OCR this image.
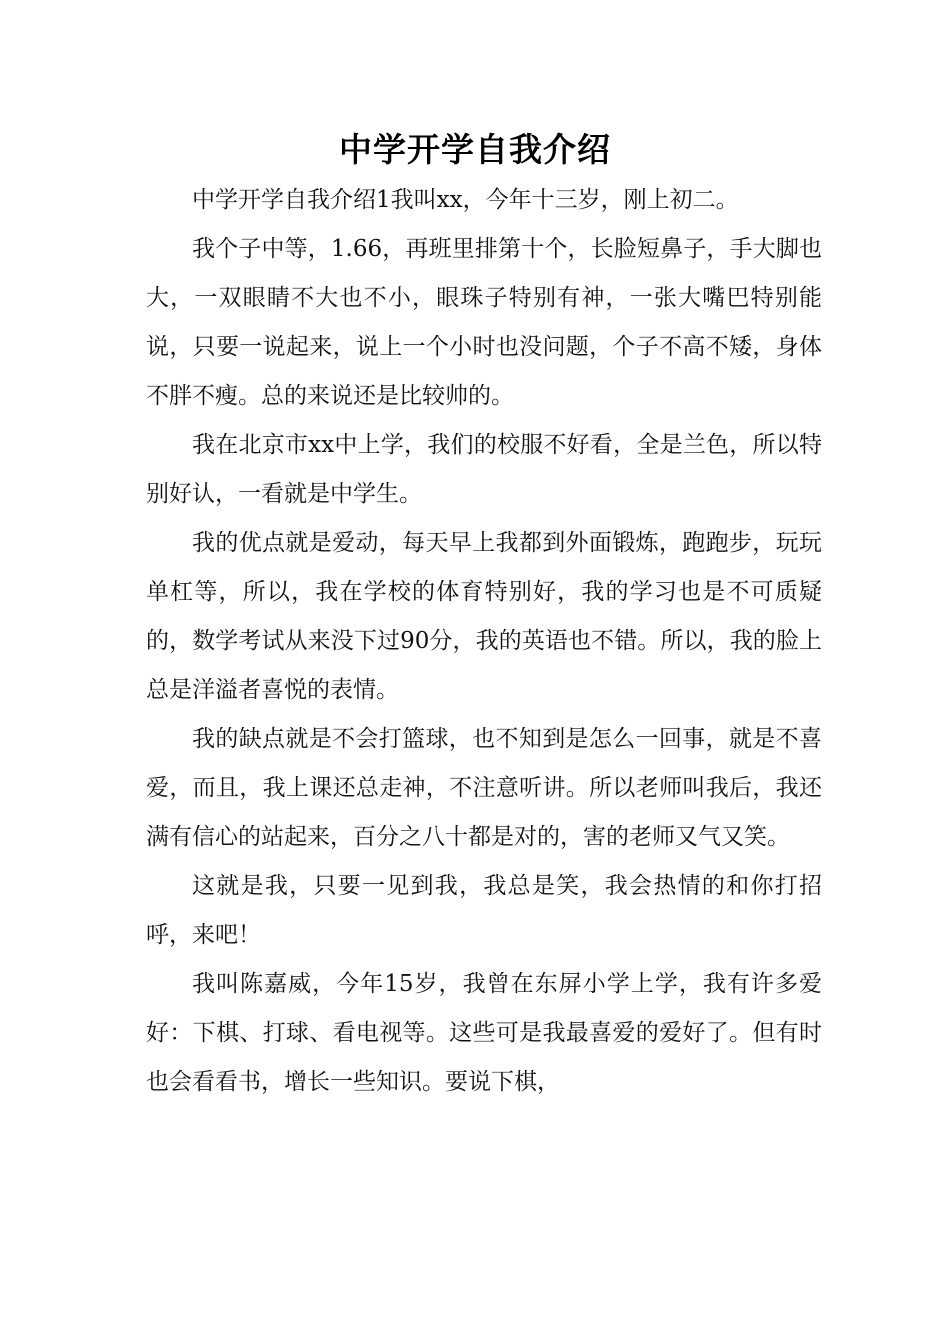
中学开学自我介绍

中学开学自我介绍1我叫xx，今年十三岁，刚上初二。

我个子中等，1.66，再班里排第十个，长脸短鼻子，手大脚也大，一双眼睛不大也不小，眼珠子特别有神，一张大嘴巴特别能说，只要一说起来，说上一个小时也没问题，个子不高不矮，身体不胖不瘦。总的来说还是比较帅的。

我在北京市xx中上学，我们的校服不好看，全是兰色，所以特别好认，一看就是中学生。

我的优点就是爱动，每天早上我都到外面锻炼，跑跑步，玩玩单杠等，所以，我在学校的体育特别好，我的学习也是不可质疑的，数学考试从来没下过90分，我的英语也不错。所以，我的脸上总是洋溢者喜悦的表情。

我的缺点就是不会打篮球，也不知到是怎么一回事，就是不喜爱，而且，我上课还总走神，不注意听讲。所以老师叫我后，我还满有信心的站起来，百分之八十都是对的，害的老师又气又笑。

这就是我，只要一见到我，我总是笑，我会热情的和你打招呼，来吧！

我叫陈嘉威，今年15岁，我曾在东屏小学上学，我有许多爱好：下棋、打球、看电视等。这些可是我最喜爱的爱好了。但有时也会看看书，增长一些知识。要说下棋，
